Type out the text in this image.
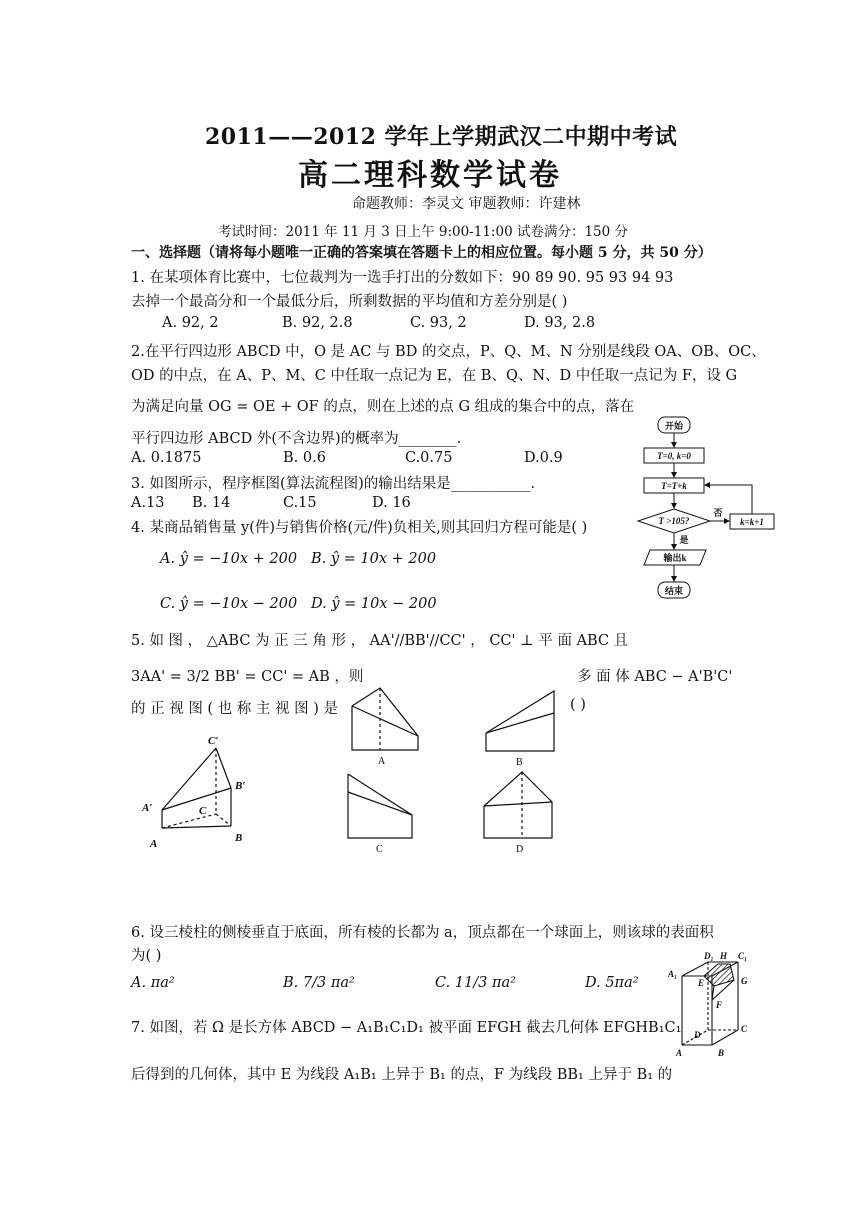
2011——2012 学年上学期武汉二中期中考试
高二理科数学试卷
命题教师：李灵文 审题教师：许建林
考试时间：2011 年 11 月 3 日上午 9:00-11:00 试卷满分：150 分
一、选择题（请将每小题唯一正确的答案填在答题卡上的相应位置。每小题 5 分，共 50 分）
1. 在某项体育比赛中，七位裁判为一选手打出的分数如下：90 89 90. 95 93 94 93
去掉一个最高分和一个最低分后，所剩数据的平均值和方差分别是( )
A. 92, 2	B. 92, 2.8	C. 93, 2	D. 93, 2.8
2.在平行四边形 ABCD 中，O 是 AC 与 BD 的交点，P、Q、M、N 分别是线段 OA、OB、OC、
OD 的中点，在 A、P、M、C 中任取一点记为 E，在 B、Q、N、D 中任取一点记为 F，设 G
为满足向量 OG = OE + OF 的点，则在上述的点 G 组成的集合中的点，落在
平行四边形 ABCD 外(不含边界)的概率为________.
A. 0.1875	B. 0.6	C.0.75	D.0.9
3. 如图所示，程序框图(算法流程图)的输出结果是___________.
A.13 B. 14	C.15	D. 16
开始
T=0, k=0
T=T+k
T >105?
否
是
k=k+1
输出k
结束
4. 某商品销售量 y(件)与销售价格(元/件)负相关,则其回归方程可能是( )
A. ŷ = −10x + 200 B. ŷ = 10x + 200
C. ŷ = −10x − 200 D. ŷ = 10x − 200
5. 如 图 ， △ABC 为 正 三 角 形 ， AA'//BB'//CC' ， CC' ⊥ 平 面 ABC 且
3AA' = 3/2 BB' = CC' = AB ，则	多 面 体 ABC − A'B'C'
的 正 视 图 ( 也 称 主 视 图 ) 是	( )
C′
B′
A′	C
A	B
A	B
C	D
6. 设三棱柱的侧棱垂直于底面，所有棱的长都为 a，顶点都在一个球面上，则该球的表面积
为( )
A. πa²	B. 7/3 πa²	C. 11/3 πa²	D. 5πa²
7. 如图，若 Ω 是长方体 ABCD − A₁B₁C₁D₁ 被平面 EFGH 截去几何体 EFGHB₁C₁
后得到的几何体，其中 E 为线段 A₁B₁ 上异于 B₁ 的点，F 为线段 BB₁ 上异于 B₁ 的
D₁ H C₁
A₁
E	G
F
C
D
A	B
